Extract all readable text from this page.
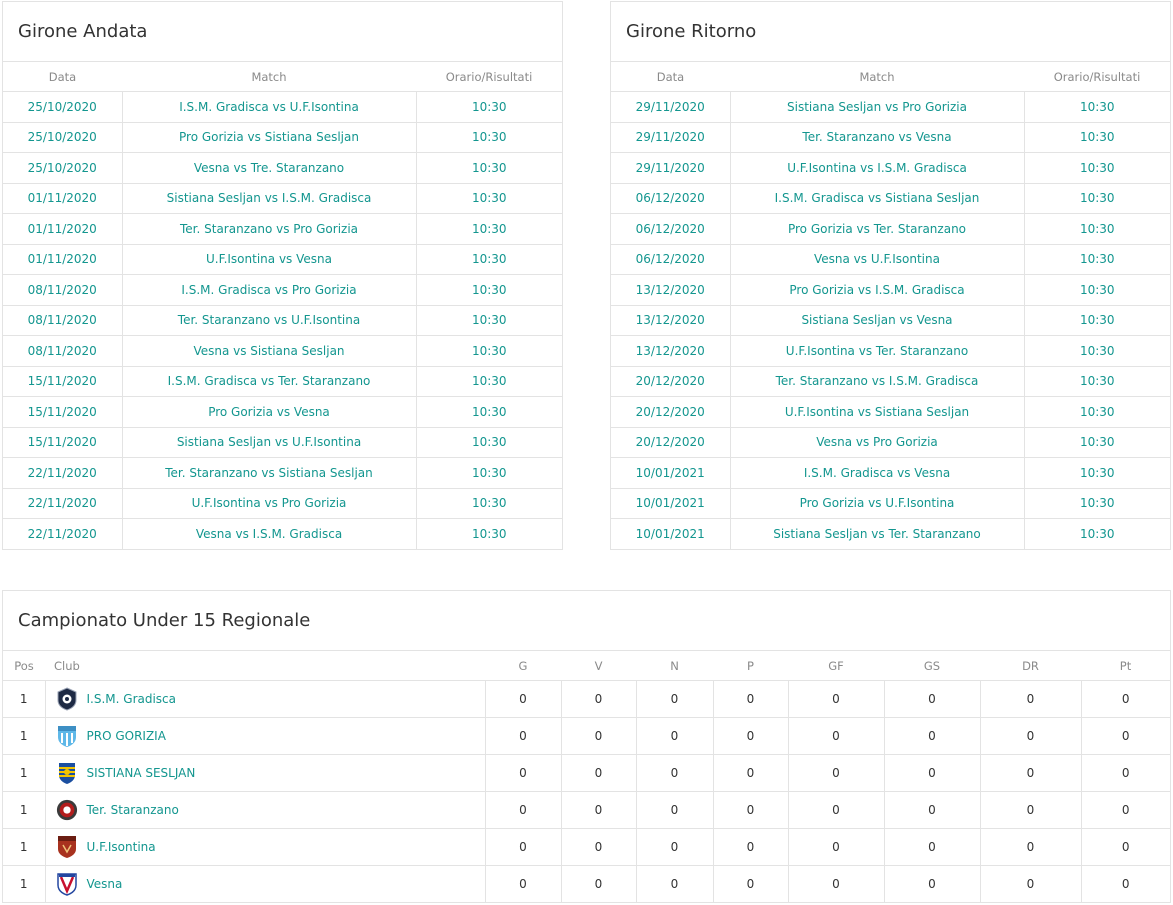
Girone Andata
Data	Match	Orario/Risultati
25/10/2020	I.S.M. Gradisca vs U.F.Isontina	10:30
25/10/2020	Pro Gorizia vs Sistiana Sesljan	10:30
25/10/2020	Vesna vs Tre. Staranzano	10:30
01/11/2020	Sistiana Sesljan vs I.S.M. Gradisca	10:30
01/11/2020	Ter. Staranzano vs Pro Gorizia	10:30
01/11/2020	U.F.Isontina vs Vesna	10:30
08/11/2020	I.S.M. Gradisca vs Pro Gorizia	10:30
08/11/2020	Ter. Staranzano vs U.F.Isontina	10:30
08/11/2020	Vesna vs Sistiana Sesljan	10:30
15/11/2020	I.S.M. Gradisca vs Ter. Staranzano	10:30
15/11/2020	Pro Gorizia vs Vesna	10:30
15/11/2020	Sistiana Sesljan vs U.F.Isontina	10:30
22/11/2020	Ter. Staranzano vs Sistiana Sesljan	10:30
22/11/2020	U.F.Isontina vs Pro Gorizia	10:30
22/11/2020	Vesna vs I.S.M. Gradisca	10:30
Girone Ritorno
Data	Match	Orario/Risultati
29/11/2020	Sistiana Sesljan vs Pro Gorizia	10:30
29/11/2020	Ter. Staranzano vs Vesna	10:30
29/11/2020	U.F.Isontina vs I.S.M. Gradisca	10:30
06/12/2020	I.S.M. Gradisca vs Sistiana Sesljan	10:30
06/12/2020	Pro Gorizia vs Ter. Staranzano	10:30
06/12/2020	Vesna vs U.F.Isontina	10:30
13/12/2020	Pro Gorizia vs I.S.M. Gradisca	10:30
13/12/2020	Sistiana Sesljan vs Vesna	10:30
13/12/2020	U.F.Isontina vs Ter. Staranzano	10:30
20/12/2020	Ter. Staranzano vs I.S.M. Gradisca	10:30
20/12/2020	U.F.Isontina vs Sistiana Sesljan	10:30
20/12/2020	Vesna vs Pro Gorizia	10:30
10/01/2021	I.S.M. Gradisca vs Vesna	10:30
10/01/2021	Pro Gorizia vs U.F.Isontina	10:30
10/01/2021	Sistiana Sesljan vs Ter. Staranzano	10:30
Campionato Under 15 Regionale
Pos	Club	G	V	N	P	GF	GS	DR	Pt
1	I.S.M. Gradisca	0	0	0	0	0	0	0	0
1	PRO GORIZIA	0	0	0	0	0	0	0	0
1	SISTIANA SESLJAN	0	0	0	0	0	0	0	0
1	Ter. Staranzano	0	0	0	0	0	0	0	0
1	U.F.Isontina	0	0	0	0	0	0	0	0
1	Vesna	0	0	0	0	0	0	0	0
